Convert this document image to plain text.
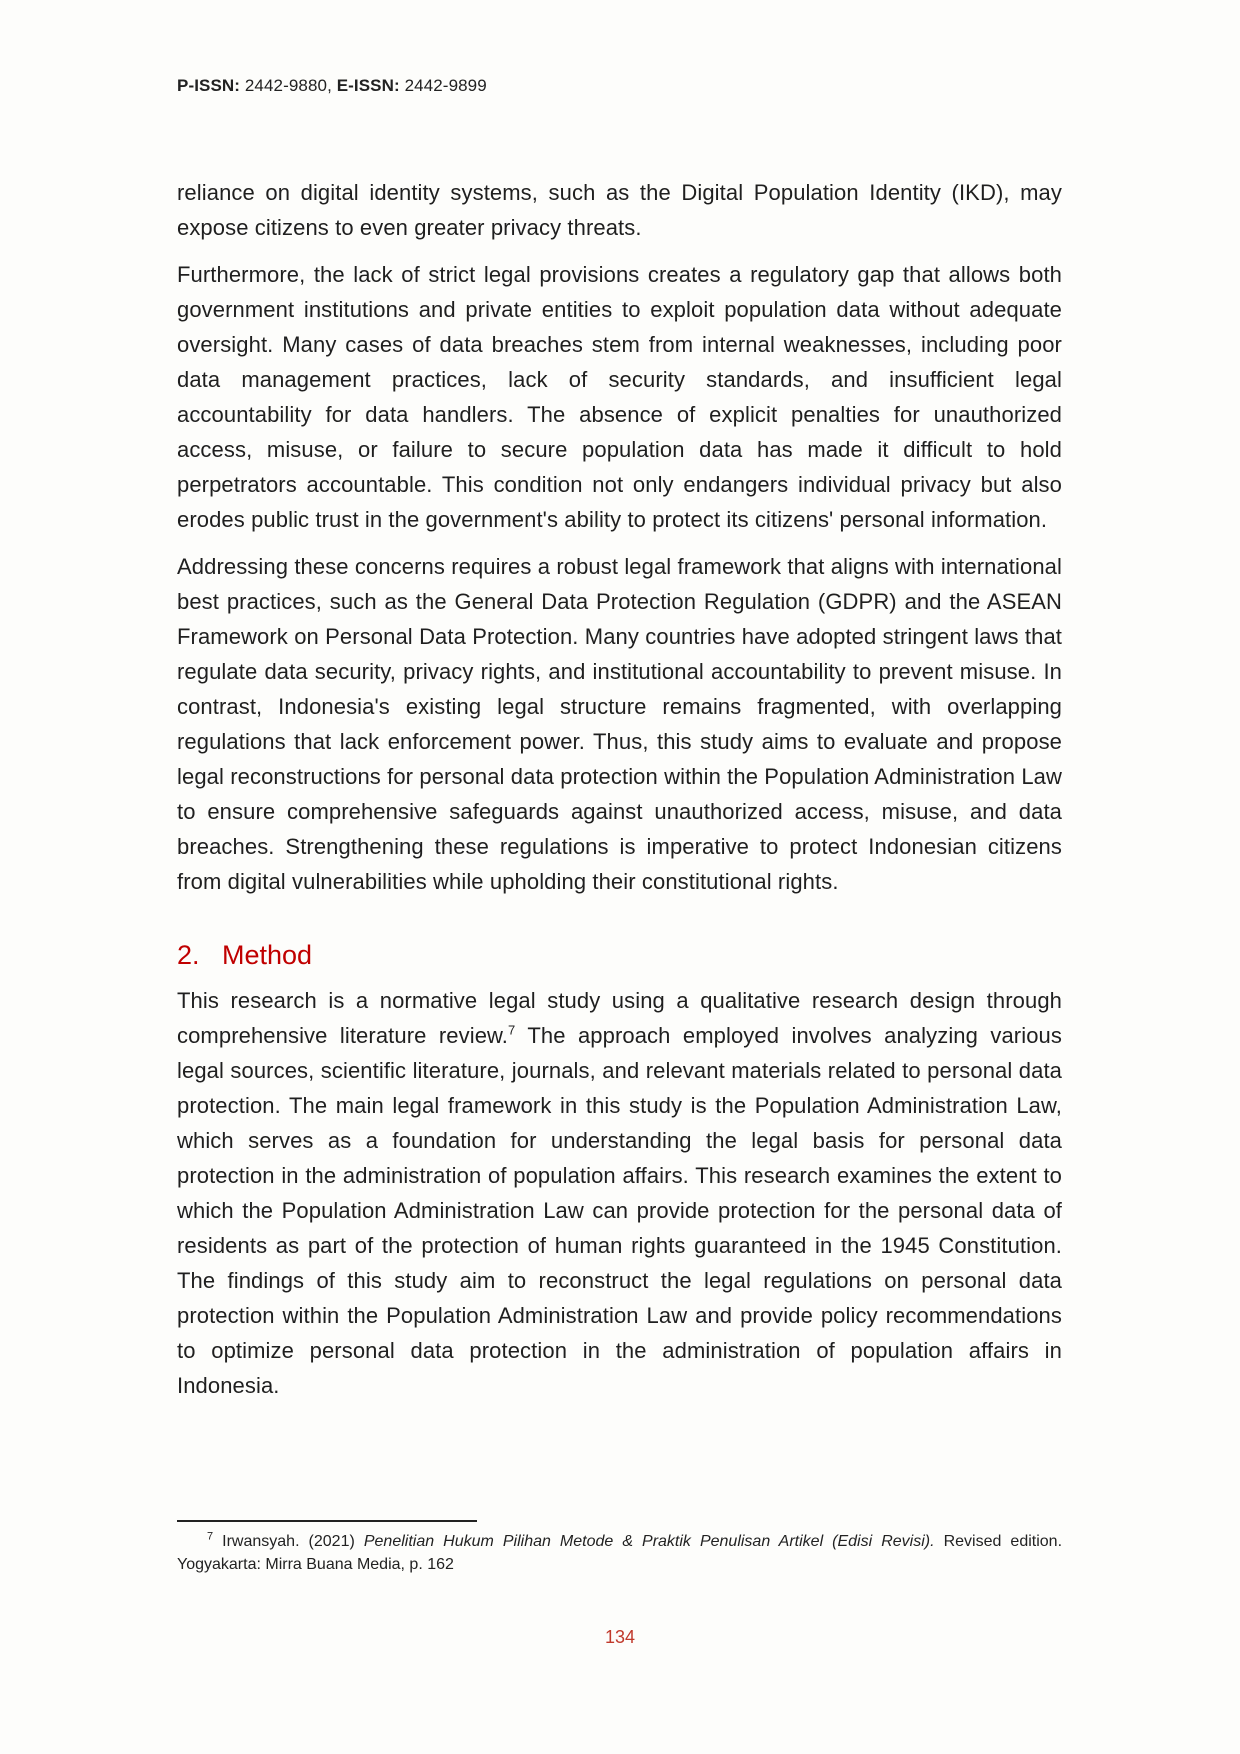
P-ISSN: 2442-9880, E-ISSN: 2442-9899

reliance on digital identity systems, such as the Digital Population Identity (IKD), may expose citizens to even greater privacy threats.

Furthermore, the lack of strict legal provisions creates a regulatory gap that allows both government institutions and private entities to exploit population data without adequate oversight. Many cases of data breaches stem from internal weaknesses, including poor data management practices, lack of security standards, and insufficient legal accountability for data handlers. The absence of explicit penalties for unauthorized access, misuse, or failure to secure population data has made it difficult to hold perpetrators accountable. This condition not only endangers individual privacy but also erodes public trust in the government's ability to protect its citizens' personal information.

Addressing these concerns requires a robust legal framework that aligns with international best practices, such as the General Data Protection Regulation (GDPR) and the ASEAN Framework on Personal Data Protection. Many countries have adopted stringent laws that regulate data security, privacy rights, and institutional accountability to prevent misuse. In contrast, Indonesia's existing legal structure remains fragmented, with overlapping regulations that lack enforcement power. Thus, this study aims to evaluate and propose legal reconstructions for personal data protection within the Population Administration Law to ensure comprehensive safeguards against unauthorized access, misuse, and data breaches. Strengthening these regulations is imperative to protect Indonesian citizens from digital vulnerabilities while upholding their constitutional rights.

2. Method

This research is a normative legal study using a qualitative research design through comprehensive literature review.$^7$ The approach employed involves analyzing various legal sources, scientific literature, journals, and relevant materials related to personal data protection. The main legal framework in this study is the Population Administration Law, which serves as a foundation for understanding the legal basis for personal data protection in the administration of population affairs. This research examines the extent to which the Population Administration Law can provide protection for the personal data of residents as part of the protection of human rights guaranteed in the 1945 Constitution. The findings of this study aim to reconstruct the legal regulations on personal data protection within the Population Administration Law and provide policy recommendations to optimize personal data protection in the administration of population affairs in Indonesia.

$^7$ Irwansyah. (2021) Penelitian Hukum Pilihan Metode & Praktik Penulisan Artikel (Edisi Revisi). Revised edition. Yogyakarta: Mirra Buana Media, p. 162
134
